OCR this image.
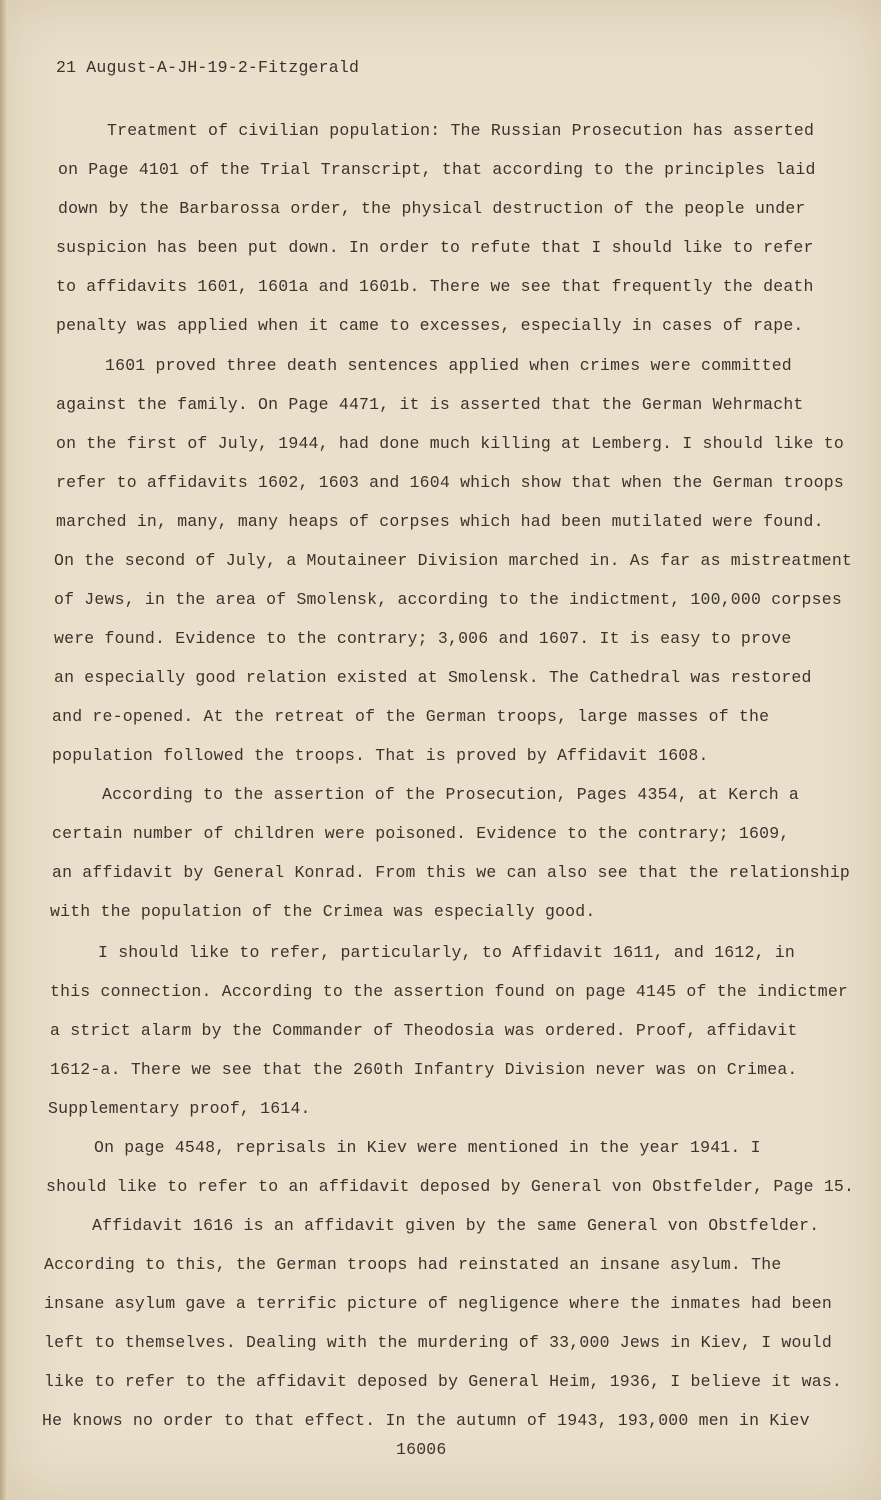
21 August-A-JH-19-2-Fitzgerald
Treatment of civilian population: The Russian Prosecution has asserted
on Page 4101 of the Trial Transcript, that according to the principles laid
down by the Barbarossa order, the physical destruction of the people under
suspicion has been put down. In order to refute that I should like to refer
to affidavits 1601, 1601a and 1601b. There we see that frequently the death
penalty was applied when it came to excesses, especially in cases of rape.
1601 proved three death sentences applied when crimes were committed
against the family. On Page 4471, it is asserted that the German Wehrmacht
on the first of July, 1944, had done much killing at Lemberg. I should like to
refer to affidavits 1602, 1603 and 1604 which show that when the German troops
marched in, many, many heaps of corpses which had been mutilated were found.
On the second of July, a Moutaineer Division marched in. As far as mistreatment
of Jews, in the area of Smolensk, according to the indictment, 100,000 corpses
were found. Evidence to the contrary; 3,006 and 1607. It is easy to prove
an especially good relation existed at Smolensk. The Cathedral was restored
and re-opened. At the retreat of the German troops, large masses of the
population followed the troops. That is proved by Affidavit 1608.
According to the assertion of the Prosecution, Pages 4354, at Kerch a
certain number of children were poisoned. Evidence to the contrary; 1609,
an affidavit by General Konrad. From this we can also see that the relationship
with the population of the Crimea was especially good.
I should like to refer, particularly, to Affidavit 1611, and 1612, in
this connection. According to the assertion found on page 4145 of the indictmer
a strict alarm by the Commander of Theodosia was ordered. Proof, affidavit
1612-a. There we see that the 260th Infantry Division never was on Crimea.
Supplementary proof, 1614.
On page 4548, reprisals in Kiev were mentioned in the year 1941. I
should like to refer to an affidavit deposed by General von Obstfelder, Page 15.
Affidavit 1616 is an affidavit given by the same General von Obstfelder.
According to this, the German troops had reinstated an insane asylum. The
insane asylum gave a terrific picture of negligence where the inmates had been
left to themselves. Dealing with the murdering of 33,000 Jews in Kiev, I would
like to refer to the affidavit deposed by General Heim, 1936, I believe it was.
He knows no order to that effect. In the autumn of 1943, 193,000 men in Kiev
16006
